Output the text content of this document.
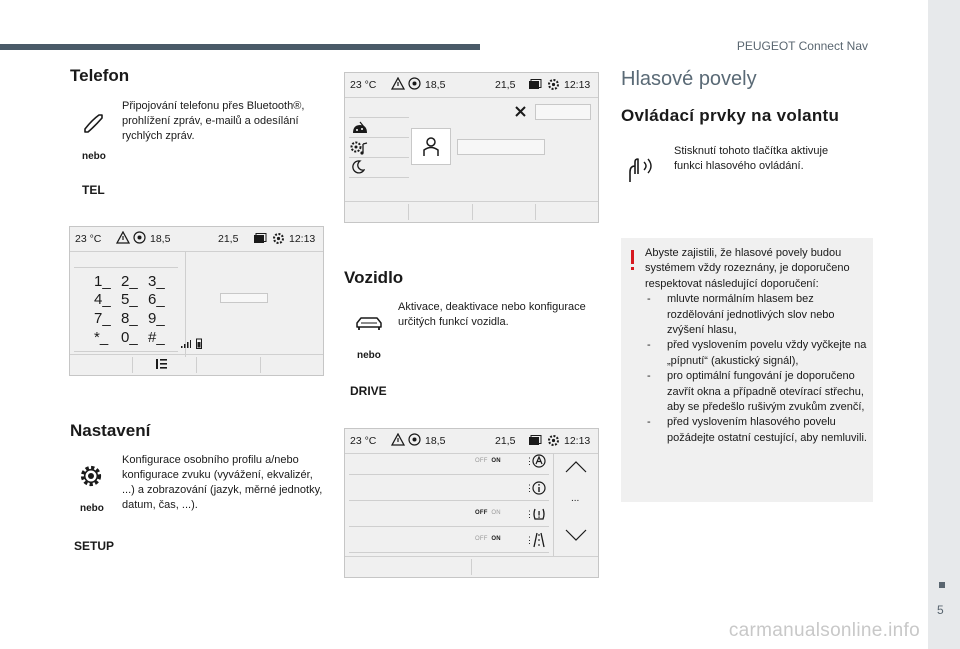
PEUGEOT Connect Nav
5
carmanualsonline.info
Telefon
nebo
TEL
Připojování telefonu přes Bluetooth®, prohlížení zpráv, e-mailů a odesílání rychlých zpráv.
23 °C	18,5	21,5	12:13
1_ 2_ 3_
4_ 5_ 6_
7_ 8_ 9_
*_ 0_ #_
Nastavení
nebo
SETUP
Konfigurace osobního profilu a/nebo konfigurace zvuku (vyvážení, ekvalizér, ...) a zobrazování (jazyk, měrné jednotky, datum, čas, ...).
23 °C	18,5	21,5	12:13
Vozidlo
nebo
DRIVE
Aktivace, deaktivace nebo konfigurace určitých funkcí vozidla.
23 °C	18,5	21,5	12:13
OFF ON	⋮
⋮
OFF ON	⋮
OFF ON	⋮
...
Hlasové povely
Ovládací prvky na volantu
Stisknutí tohoto tlačítka aktivuje funkci hlasového ovládání.
Abyste zajistili, že hlasové povely budou systémem vždy rozeznány, je doporučeno respektovat následující doporučení:
- mluvte normálním hlasem bez rozdělování jednotlivých slov nebo zvýšení hlasu,
- před vyslovením povelu vždy vyčkejte na „pípnutí“ (akustický signál),
- pro optimální fungování je doporučeno zavřít okna a případně otevírací střechu, aby se předešlo rušivým zvukům zvenčí,
- před vyslovením hlasového povelu požádejte ostatní cestující, aby nemluvili.
